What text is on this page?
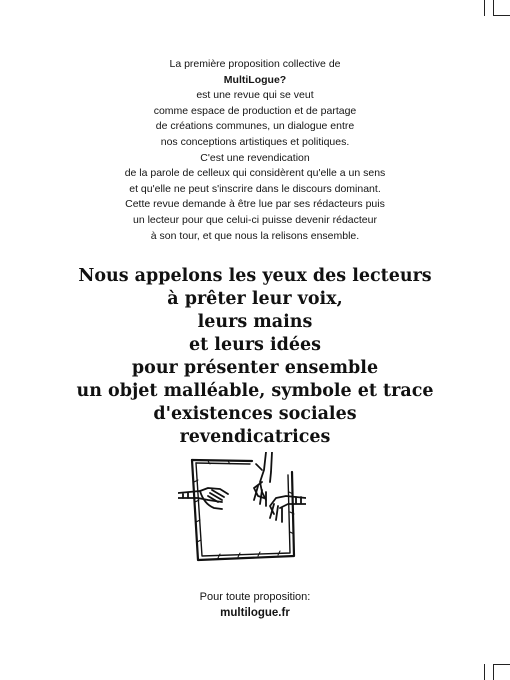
La première proposition collective de
MultiLogue?
est une revue qui se veut
comme espace de production et de partage
de créations communes, un dialogue entre
nos conceptions artistiques et politiques.
C'est une revendication
de la parole de celleux qui considèrent qu'elle a un sens
et qu'elle ne peut s'inscrire dans le discours dominant.
Cette revue demande à être lue par ses rédacteurs puis
un lecteur pour que celui-ci puisse devenir rédacteur
à son tour, et que nous la relisons ensemble.
Nous appelons les yeux des lecteurs
à prêter leur voix,
leurs mains
et leurs idées
pour présenter ensemble
un objet malléable, symbole et trace
d'existences sociales
revendicatrices
Pour toute proposition:
multilogue.fr
